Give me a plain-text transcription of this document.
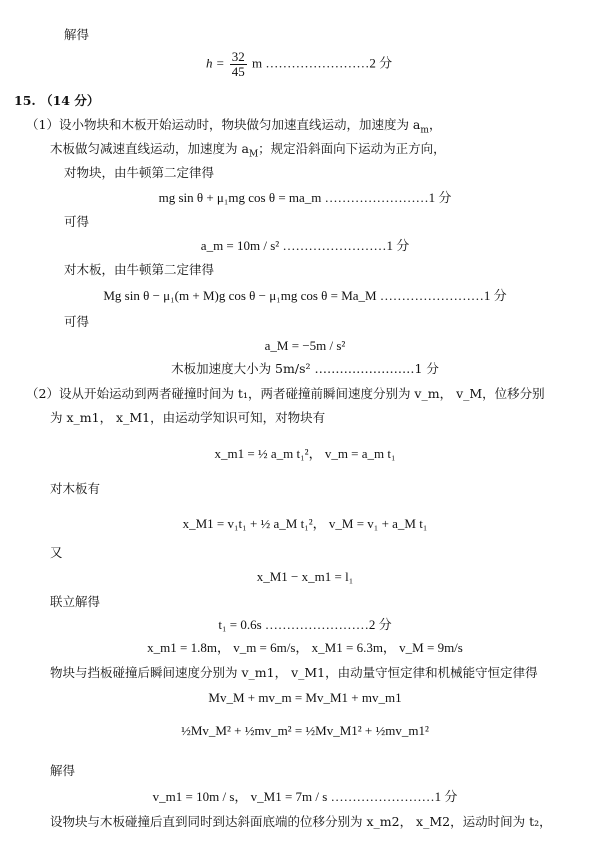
解得
$h = \frac{32}{45}$ m ……………………2 分
15. （14 分）
（1）设小物块和木板开始运动时，物块做匀加速直线运动，加速度为 $a_m$，
木板做匀减速直线运动，加速度为 $a_M$；规定沿斜面向下运动为正方向，
对物块，由牛顿第二定律得
mg sin θ + μ₁mg cos θ = ma_m ……………………1 分
可得
a_m = 10m / s² ……………………1 分
对木板，由牛顿第二定律得
Mg sin θ − μ₁(m + M)g cos θ − μ₁mg cos θ = Ma_M ……………………1 分
可得
a_M = −5m / s²
木板加速度大小为 5m/s² ……………………1 分
（2）设从开始运动到两者碰撞时间为 t₁，两者碰撞前瞬间速度分别为 v_m， v_M，位移分别
为 x_m1， x_M1，由运动学知识可知，对物块有
x_m1 = ½ a_m t₁²， v_m = a_m t₁
对木板有
x_M1 = v₁t₁ + ½ a_M t₁²， v_M = v₁ + a_M t₁
又
x_M1 − x_m1 = l₁
联立解得
t₁ = 0.6s ……………………2 分
x_m1 = 1.8m， v_m = 6m/s， x_M1 = 6.3m， v_M = 9m/s
物块与挡板碰撞后瞬间速度分别为 v_m1， v_M1，由动量守恒定律和机械能守恒定律得
Mv_M + mv_m = Mv_M1 + mv_m1
½Mv_M² + ½mv_m² = ½Mv_M1² + ½mv_m1²
解得
v_m1 = 10m / s， v_M1 = 7m / s ……………………1 分
设物块与木板碰撞后直到同时到达斜面底端的位移分别为 x_m2， x_M2，运动时间为 t₂，
